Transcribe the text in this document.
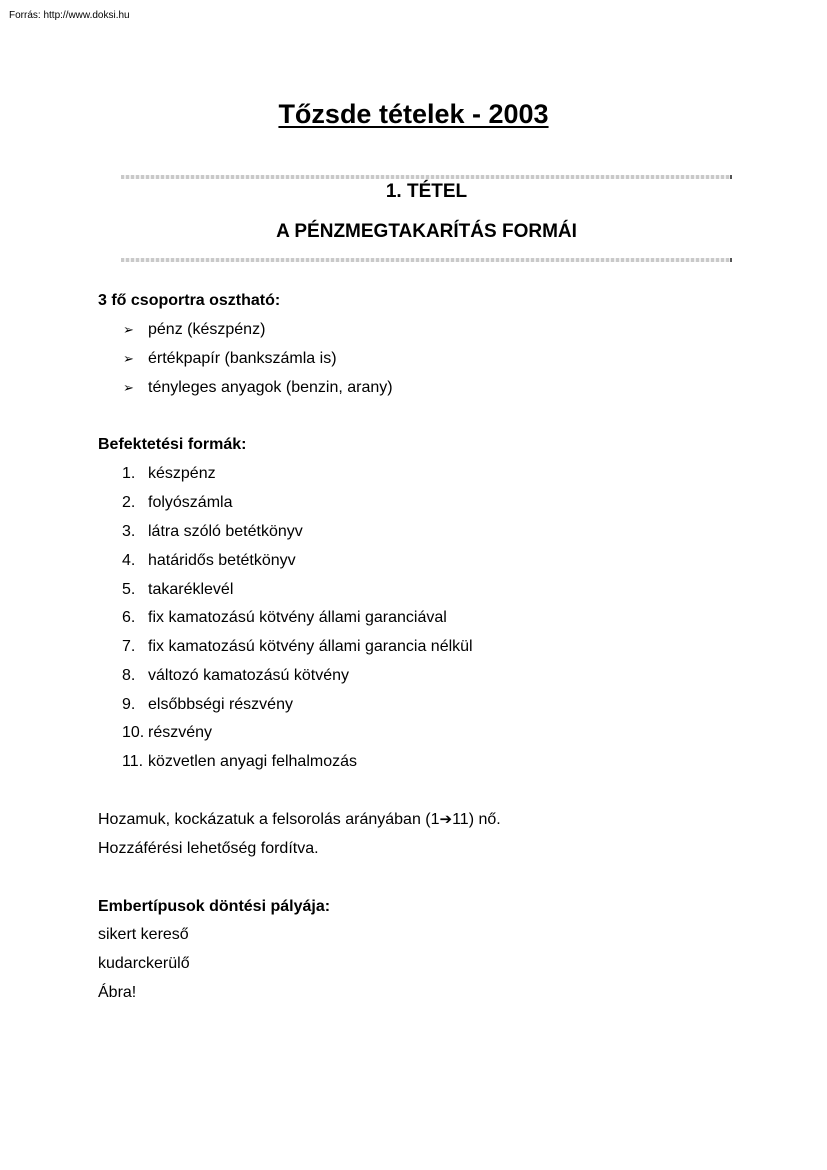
Forrás: http://www.doksi.hu
Tőzsde tételek - 2003
1. TÉTEL
A PÉNZMEGTAKARÍTÁS FORMÁI
3 fő csoportra osztható:
➢ pénz (készpénz)
➢ értékpapír (bankszámla is)
➢ tényleges anyagok (benzin, arany)
Befektetési formák:
1. készpénz
2. folyószámla
3. látra szóló betétkönyv
4. határidős betétkönyv
5. takaréklevél
6. fix kamatozású kötvény állami garanciával
7. fix kamatozású kötvény állami garancia nélkül
8. változó kamatozású kötvény
9. elsőbbségi részvény
10. részvény
11. közvetlen anyagi felhalmozás
Hozamuk, kockázatuk a felsorolás arányában (1➔11) nő.
Hozzáférési lehetőség fordítva.
Embertípusok döntési pályája:
sikert kereső
kudarckerülő
Ábra!
